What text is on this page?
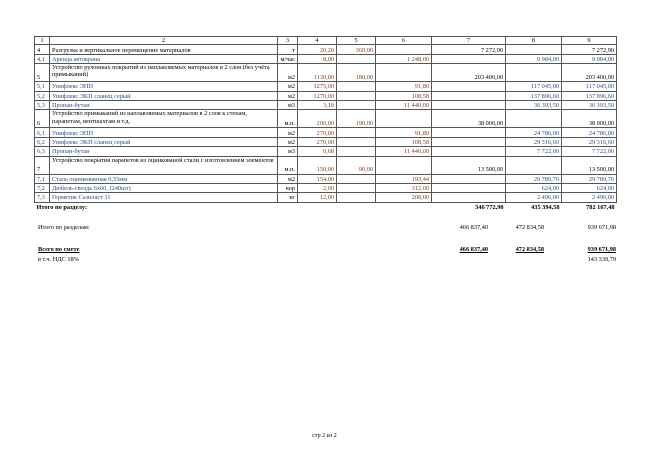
1	2	3	4	5	6	7	8	9
4	Разгрузка и вертикальное перемещение материалов	т	20,20	360,00		7 272,90		7 272,90
4,1	Аренда автокрана	м/час	8,00		1 248,00		9 984,00	9 984,00
5	Устройство рулонных покрытий из наплавляемых материалов в 2 слоя (без учёта примыканий)	м2	1130,00	180,00		203 400,00		203 400,00
5,1	Унифлекс ЭПП	м2	1275,00		91,80		117 045,00	117 045,00
5,2	Унифлекс ЭКП сланец серый	м2	1270,00		108,58		137 896,60	137 896,60
5,3	Пропан-бутан	м3	3,18		11 440,00		36 393,50	36 393,50
6	Устройство примыканий из наплавляемых материалов в 2 слоя к стенам, парапетам, вентшахтам и т.д.	м.п.	200,00	190,00		38 000,00		38 000,00
6,1	Унифлекс ЭПП	м2	270,00		91,80		24 786,00	24 786,00
6,2	Унифлекс ЭКП сланец серый	м2	270,00		108,58		29 316,60	29 316,60
6,3	Пропан-бутан	м3	0,68		11 440,00		7 722,00	7 722,00
7	Устройство покрытия парапетов из оцинкованой стали с изготовлением элементов	м.п.	150,00	90,00		13 500,00		13 500,00
7,1	Сталь оцинкованная 0,55мм	м2	154,00		193,44		29 789,76	29 789,76
7,2	Дюбель-гвоздь 6х60, (240шт)	кор	2,00		312,00		624,00	624,00
7,3	Герметик Сазиласт 11	кг	12,00		208,00		2 496,00	2 496,00
Итого по разделу:						346 772,90	435 394,58	782 167,48
Итого по разделам:	466 837,40	472 834,58	939 671,98
Всего по смете	466 837,40	472 834,58	939 671,98
в т.ч. НДС 18%	143 339,79
стр 2 из 2
